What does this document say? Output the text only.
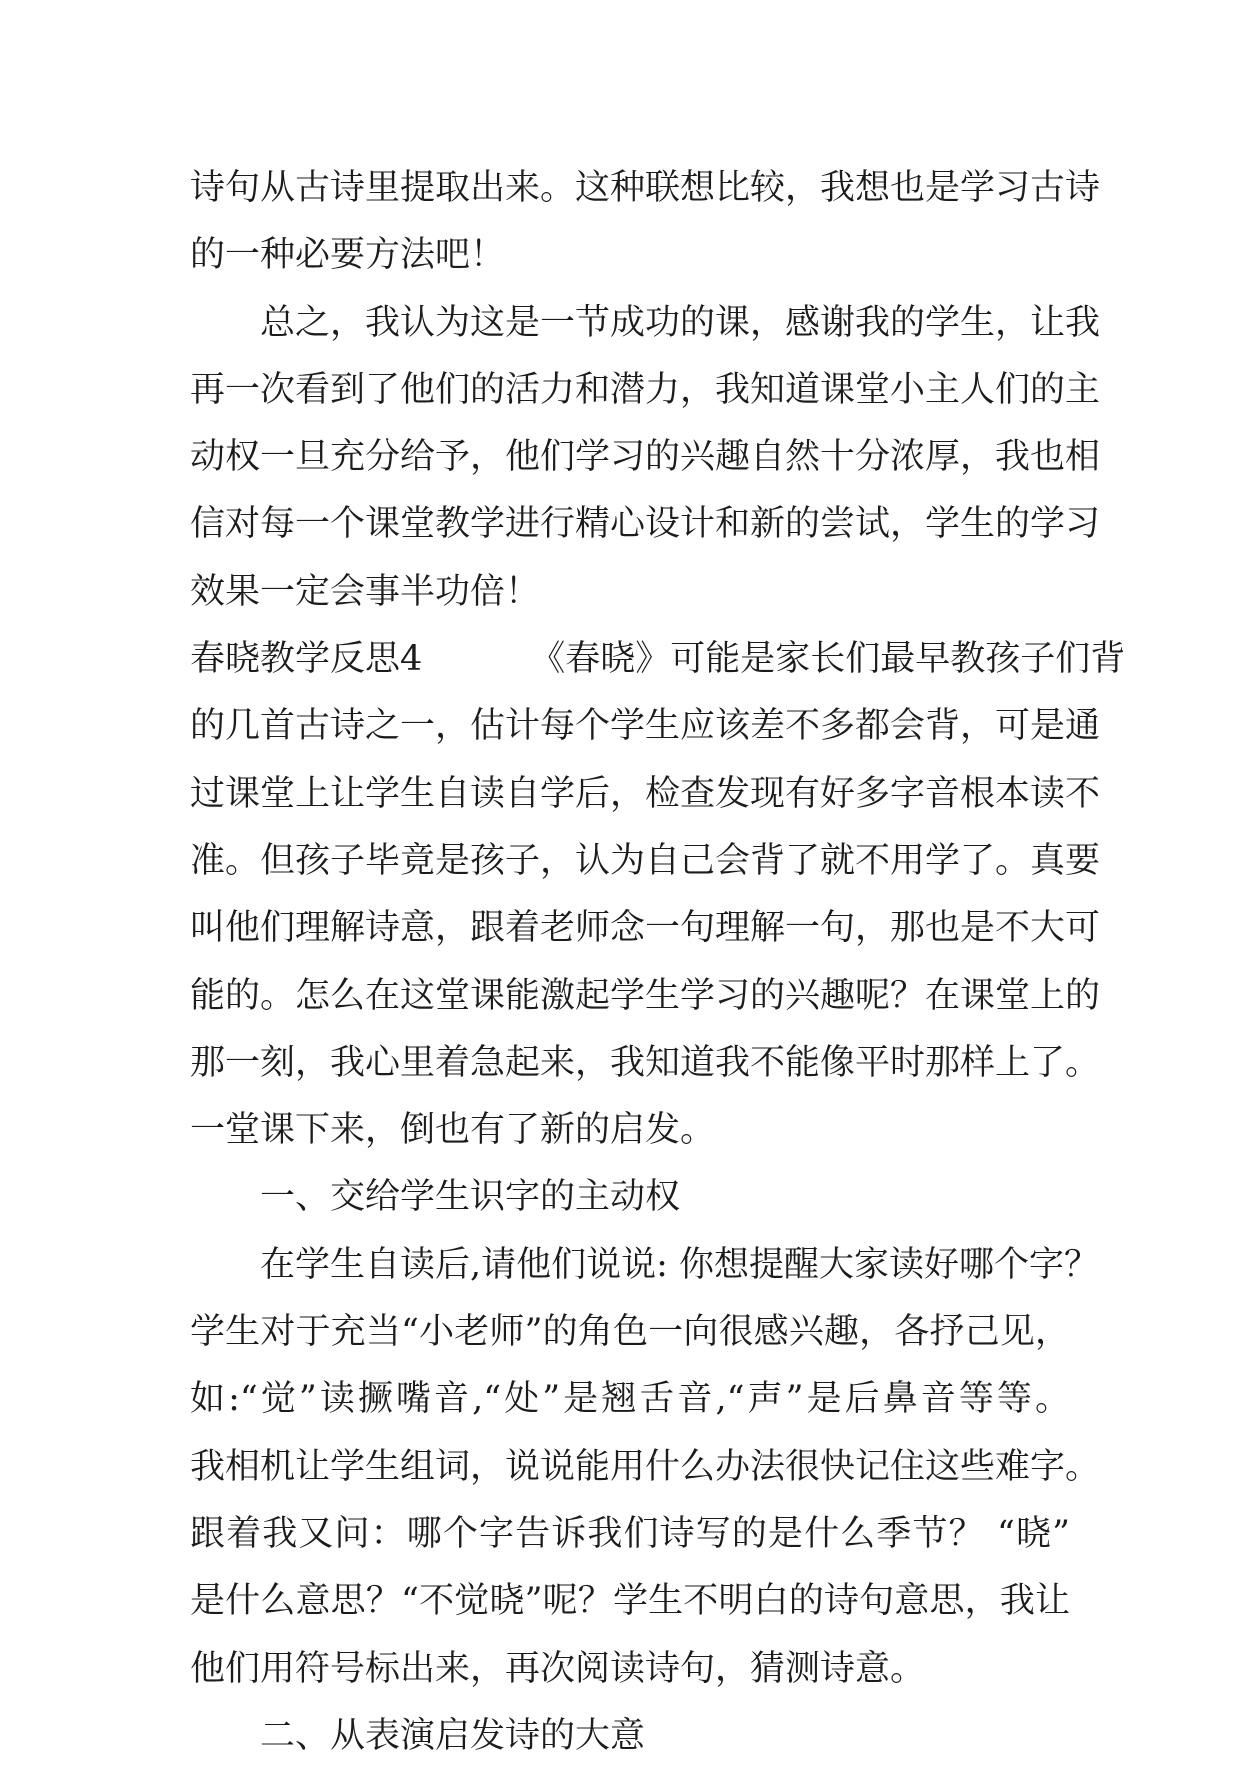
诗句从古诗里提取出来。这种联想比较，我想也是学习古诗
的一种必要方法吧！
总之，我认为这是一节成功的课，感谢我的学生，让我
再一次看到了他们的活力和潜力，我知道课堂小主人们的主
动权一旦充分给予，他们学习的兴趣自然十分浓厚，我也相
信对每一个课堂教学进行精心设计和新的尝试，学生的学习
效果一定会事半功倍！
春晓教学反思4	《春晓》可能是家长们最早教孩子们背
的几首古诗之一，估计每个学生应该差不多都会背，可是通
过课堂上让学生自读自学后，检查发现有好多字音根本读不
准。但孩子毕竟是孩子，认为自己会背了就不用学了。真要
叫他们理解诗意，跟着老师念一句理解一句，那也是不大可
能的。怎么在这堂课能激起学生学习的兴趣呢？在课堂上的
那一刻，我心里着急起来，我知道我不能像平时那样上了。
一堂课下来，倒也有了新的启发。
一、交给学生识字的主动权
在学生自读后,请他们说说: 你想提醒大家读好哪个字？
学生对于充当“小老师”的角色一向很感兴趣，各抒己见，
如:“觉”读撅嘴音,“处”是翘舌音,“声”是后鼻音等等。
我相机让学生组词，说说能用什么办法很快记住这些难字。
跟着我又问：哪个字告诉我们诗写的是什么季节？ “晓”
是什么意思？“不觉晓”呢？学生不明白的诗句意思，我让
他们用符号标出来，再次阅读诗句，猜测诗意。
二、从表演启发诗的大意
